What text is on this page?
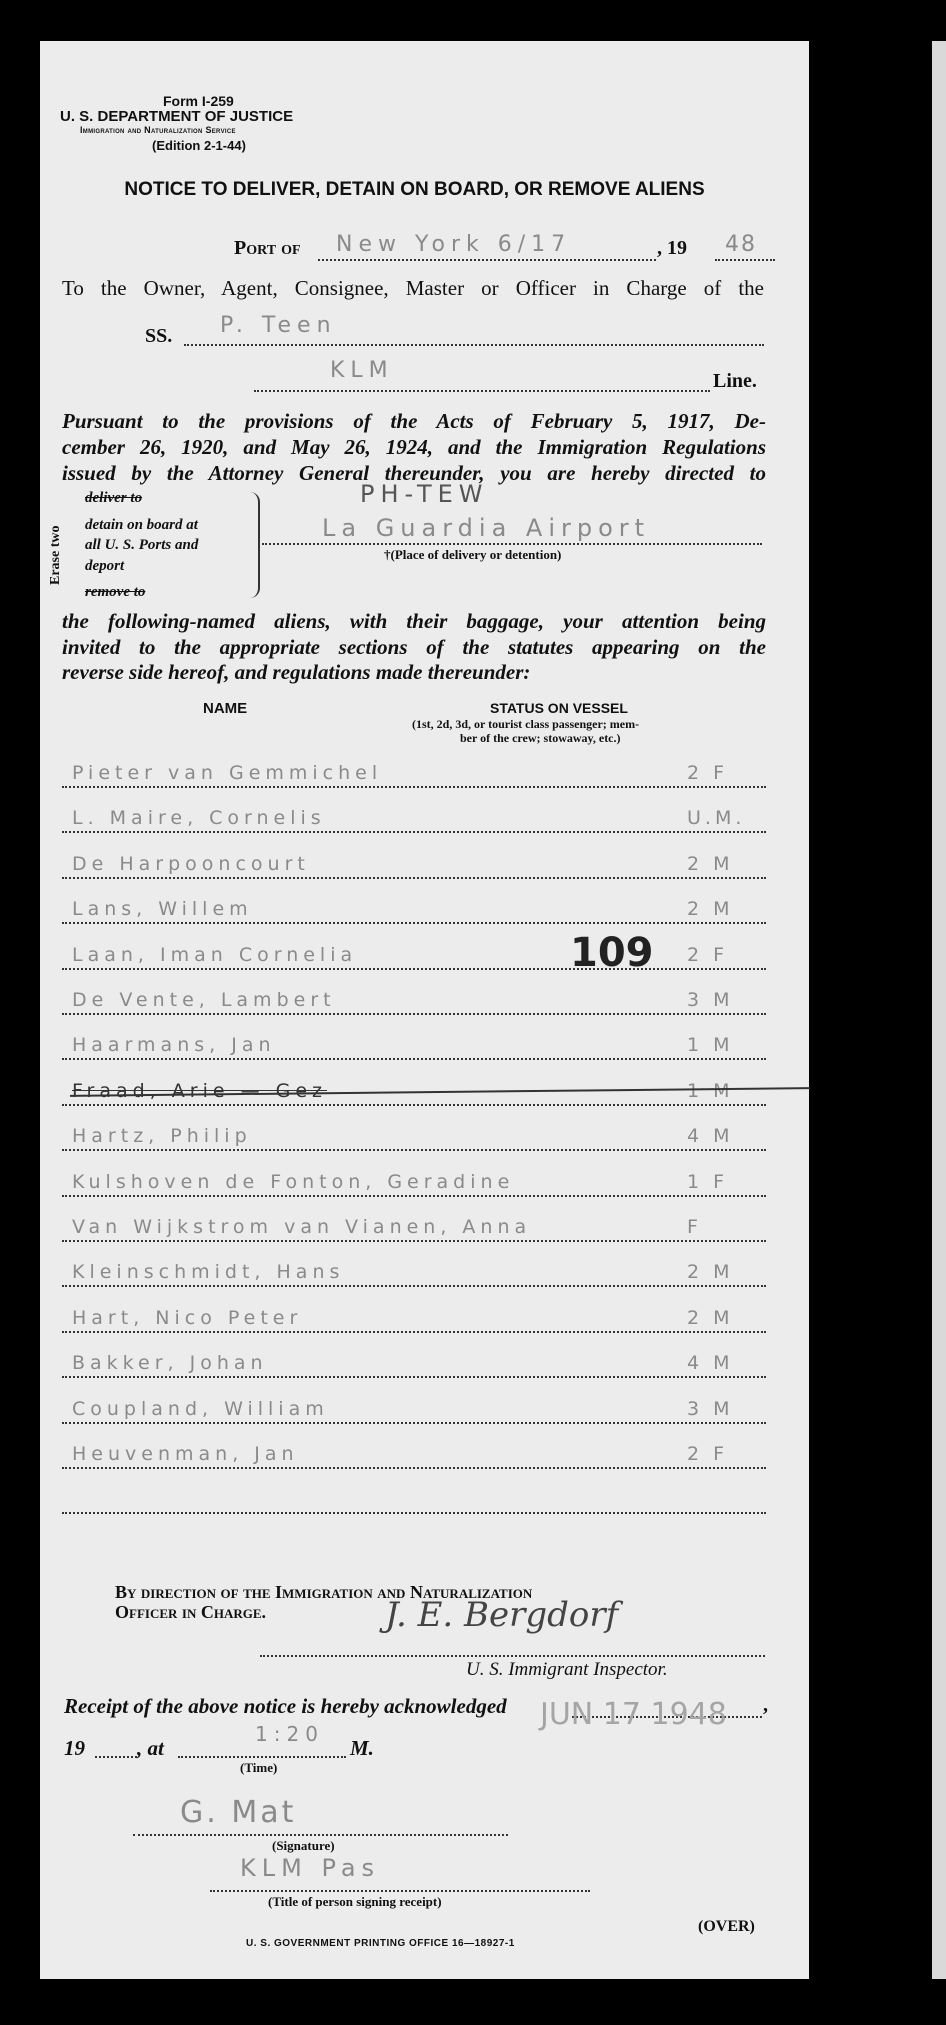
Form I-259
U. S. DEPARTMENT OF JUSTICE
Immigration and Naturalization Service
(Edition 2-1-44)
NOTICE TO DELIVER, DETAIN ON BOARD, OR REMOVE ALIENS
Port of New York 6/17	, 19 48
To the Owner, Agent, Consignee, Master or Officer in Charge of the
SS. P. Teen
KLM	Line.
Pursuant to the provisions of the Acts of February 5, 1917, De-
cember 26, 1920, and May 26, 1924, and the Immigration Regulations
issued by the Attorney General thereunder, you are hereby directed to
Erase two
deliver to
detain on board at
all U. S. Ports and
deport
remove to
PH-TEW
La Guardia Airport
†(Place of delivery or detention)
the following-named aliens, with their baggage, your attention being
invited to the appropriate sections of the statutes appearing on the
reverse side hereof, and regulations made thereunder:
NAME	STATUS ON VESSEL
(1st, 2d, 3d, or tourist class passenger; mem-
ber of the crew; stowaway, etc.)
Pieter van Gemmichel	2 F
L. Maire, Cornelis	U.M.
De Harpooncourt	2 M
Lans, Willem	2 M
Laan, Iman Cornelia	2 F
De Vente, Lambert	3 M
Haarmans, Jan	1 M
Fraad, Arie — Gez	1 M
Hartz, Philip	4 M
Kulshoven de Fonton, Geradine	1 F
Van Wijkstrom van Vianen, Anna	F
Kleinschmidt, Hans	2 M
Hart, Nico Peter	2 M
Bakker, Johan	4 M
Coupland, William	3 M
Heuvenman, Jan	2 F
109
By direction of the Immigration and Naturalization
Officer in Charge.	J. E. Bergdorf
U. S. Immigrant Inspector.
Receipt of the above notice is hereby acknowledged	,
JUN 17 1948
19 , at
1:20
M.
(Time)
G. Mat
(Signature)
KLM Pas
(Title of person signing receipt)
U. S. GOVERNMENT PRINTING OFFICE 16—18927-1
(OVER)
